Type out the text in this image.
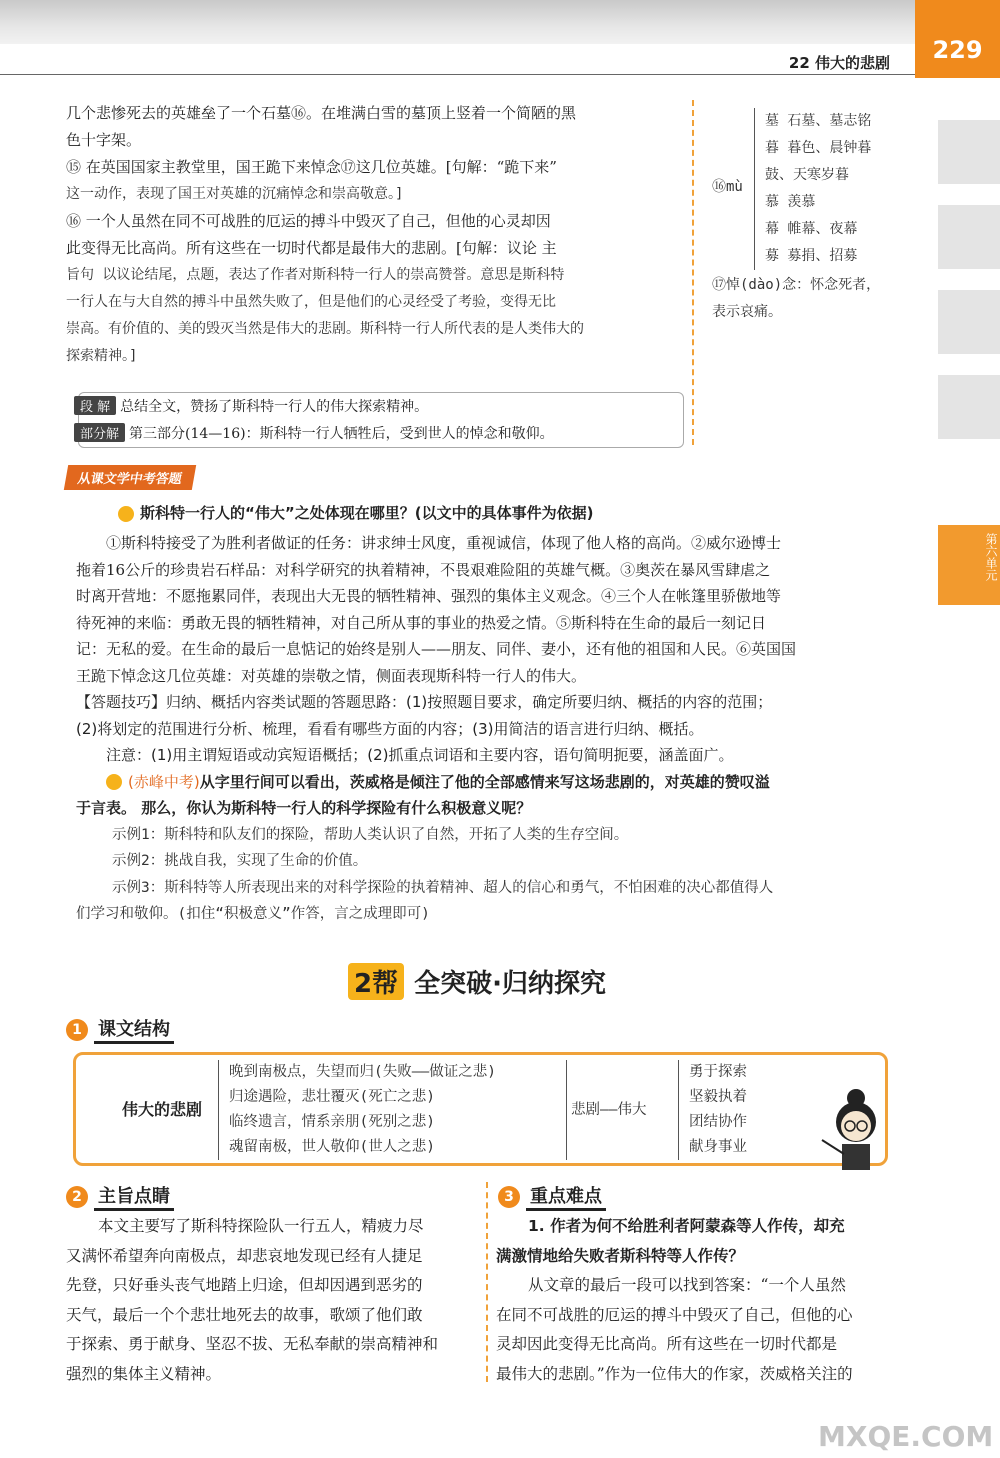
22 伟大的悲剧	229
第六单元
几个悲惨死去的英雄垒了一个石墓⑯。在堆满白雪的墓顶上竖着一个简陋的黑
色十字架。
⑮ 在英国国家主教堂里，国王跪下来悼念⑰这几位英雄。[句解：“跪下来”
这一动作，表现了国王对英雄的沉痛悼念和崇高敬意。]
⑯ 一个人虽然在同不可战胜的厄运的搏斗中毁灭了自己，但他的心灵却因
此变得无比高尚。所有这些在一切时代都是最伟大的悲剧。[句解：议论 主
旨句 以议论结尾，点题，表达了作者对斯科特一行人的崇高赞誉。意思是斯科特
一行人在与大自然的搏斗中虽然失败了，但是他们的心灵经受了考验，变得无比
崇高。有价值的、美的毁灭当然是伟大的悲剧。斯科特一行人所代表的是人类伟大的
探索精神。]
⑯mù
墓 石墓、墓志铭
暮 暮色、晨钟暮
鼓、天寒岁暮
慕 羡慕
幕 帷幕、夜幕
募 募捐、招募
⑰悼(dào)念：怀念死者，
表示哀痛。
段 解 总结全文，赞扬了斯科特一行人的伟大探索精神。
部分解 第三部分(14—16)：斯科特一行人牺牲后，受到世人的悼念和敬仰。
从课文学中考答题
斯科特一行人的“伟大”之处体现在哪里？(以文中的具体事件为依据)
①斯科特接受了为胜利者做证的任务：讲求绅士风度，重视诚信，体现了他人格的高尚。②威尔逊博士
拖着16公斤的珍贵岩石样品：对科学研究的执着精神，不畏艰难险阻的英雄气概。③奥茨在暴风雪肆虐之
时离开营地：不愿拖累同伴，表现出大无畏的牺牲精神、强烈的集体主义观念。④三个人在帐篷里骄傲地等
待死神的来临：勇敢无畏的牺牲精神，对自己所从事的事业的热爱之情。⑤斯科特在生命的最后一刻记日
记：无私的爱。在生命的最后一息惦记的始终是别人——朋友、同伴、妻小，还有他的祖国和人民。⑥英国国
王跪下悼念这几位英雄：对英雄的崇敬之情，侧面表现斯科特一行人的伟大。
【答题技巧】归纳、概括内容类试题的答题思路：(1)按照题目要求，确定所要归纳、概括的内容的范围；
(2)将划定的范围进行分析、梳理，看看有哪些方面的内容；(3)用简洁的语言进行归纳、概括。
注意：(1)用主谓短语或动宾短语概括；(2)抓重点词语和主要内容，语句简明扼要，涵盖面广。
(赤峰中考)从字里行间可以看出，茨威格是倾注了他的全部感情来写这场悲剧的，对英雄的赞叹溢
于言表。 那么，你认为斯科特一行人的科学探险有什么积极意义呢？
示例1：斯科特和队友们的探险，帮助人类认识了自然，开拓了人类的生存空间。
示例2：挑战自我，实现了生命的价值。
示例3：斯科特等人所表现出来的对科学探险的执着精神、超人的信心和勇气，不怕困难的决心都值得人
们学习和敬仰。(扣住“积极意义”作答，言之成理即可)
2帮 全突破·归纳探究
1 课文结构
伟大的悲剧
晚到南极点，失望而归(失败——做证之悲)
归途遇险，悲壮覆灭(死亡之悲)
临终遗言，情系亲朋(死别之悲)
魂留南极，世人敬仰(世人之悲)
悲剧——伟大
勇于探索
坚毅执着
团结协作
献身事业
2 主旨点睛
本文主要写了斯科特探险队一行五人，精疲力尽
又满怀希望奔向南极点，却悲哀地发现已经有人捷足
先登，只好垂头丧气地踏上归途，但却因遇到恶劣的
天气，最后一个个悲壮地死去的故事，歌颂了他们敢
于探索、勇于献身、坚忍不拔、无私奉献的崇高精神和
强烈的集体主义精神。
3 重点难点
1. 作者为何不给胜利者阿蒙森等人作传，却充
满激情地给失败者斯科特等人作传？
从文章的最后一段可以找到答案：“一个人虽然
在同不可战胜的厄运的搏斗中毁灭了自己，但他的心
灵却因此变得无比高尚。所有这些在一切时代都是
最伟大的悲剧。”作为一位伟大的作家，茨威格关注的
MXQE.COM
